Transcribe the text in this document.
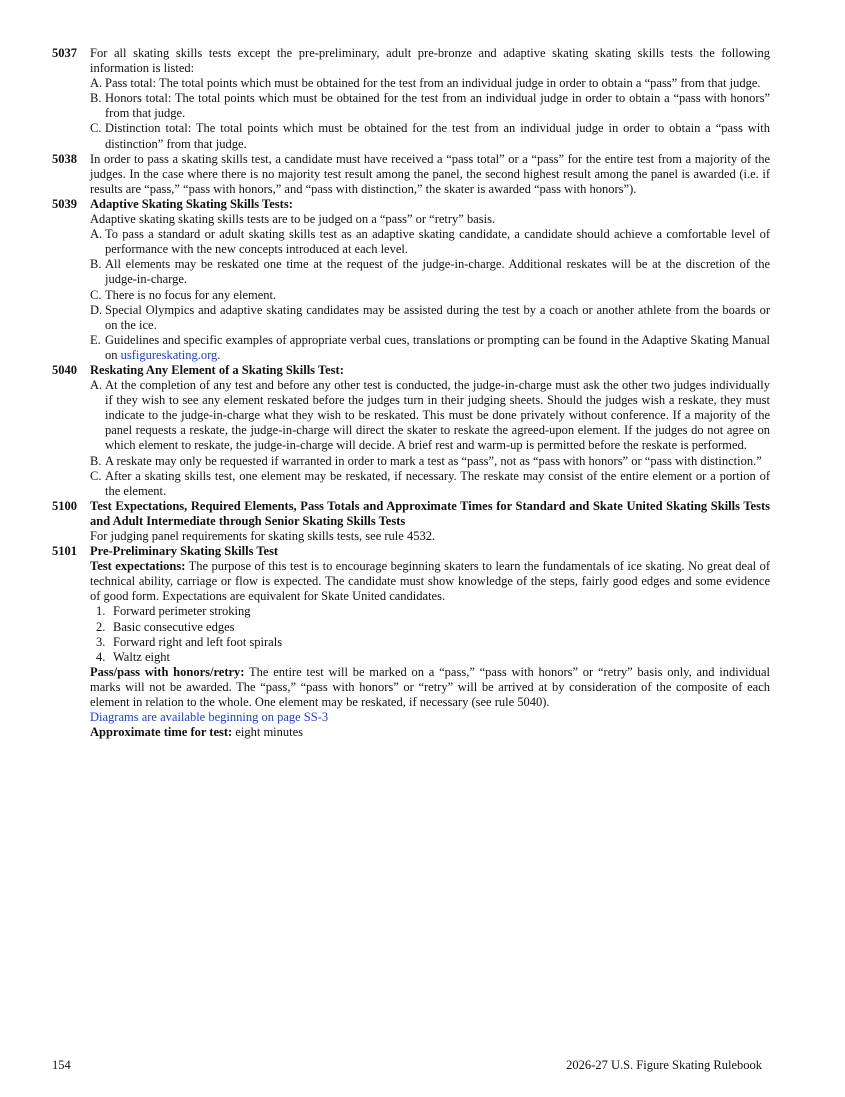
5037	For all skating skills tests except the pre-preliminary, adult pre-bronze and adaptive skating skating skills tests the following information is listed:
A. Pass total: The total points which must be obtained for the test from an individual judge in order to obtain a “pass” from that judge.
B. Honors total: The total points which must be obtained for the test from an individual judge in order to obtain a “pass with honors” from that judge.
C. Distinction total: The total points which must be obtained for the test from an individual judge in order to obtain a “pass with distinction” from that judge.
5038	In order to pass a skating skills test, a candidate must have received a “pass total” or a “pass” for the entire test from a majority of the judges. In the case where there is no majority test result among the panel, the second highest result among the panel is awarded (i.e. if results are “pass,” “pass with honors,” and “pass with distinction,” the skater is awarded “pass with honors”).
5039	Adaptive Skating Skating Skills Tests:
Adaptive skating skating skills tests are to be judged on a “pass” or “retry” basis.
A. To pass a standard or adult skating skills test as an adaptive skating candidate, a candidate should achieve a comfortable level of performance with the new concepts introduced at each level.
B. All elements may be reskated one time at the request of the judge-in-charge. Additional reskates will be at the discretion of the judge-in-charge.
C. There is no focus for any element.
D. Special Olympics and adaptive skating candidates may be assisted during the test by a coach or another athlete from the boards or on the ice.
E. Guidelines and specific examples of appropriate verbal cues, translations or prompting can be found in the Adaptive Skating Manual on usfigureskating.org.
5040	Reskating Any Element of a Skating Skills Test:
A. At the completion of any test and before any other test is conducted, the judge-in-charge must ask the other two judges individually if they wish to see any element reskated before the judges turn in their judging sheets. Should the judges wish a reskate, they must indicate to the judge-in-charge what they wish to be reskated. This must be done privately without conference. If a majority of the panel requests a reskate, the judge-in-charge will direct the skater to reskate the agreed-upon element. If the judges do not agree on which element to reskate, the judge-in-charge will decide. A brief rest and warm-up is permitted before the reskate is performed.
B. A reskate may only be requested if warranted in order to mark a test as “pass”, not as “pass with honors” or “pass with distinction.”
C. After a skating skills test, one element may be reskated, if necessary. The reskate may consist of the entire element or a portion of the element.
5100	Test Expectations, Required Elements, Pass Totals and Approximate Times for Standard and Skate United Skating Skills Tests and Adult Intermediate through Senior Skating Skills Tests
For judging panel requirements for skating skills tests, see rule 4532.
5101	Pre-Preliminary Skating Skills Test
Test expectations: The purpose of this test is to encourage beginning skaters to learn the fundamentals of ice skating. No great deal of technical ability, carriage or flow is expected. The candidate must show knowledge of the steps, fairly good edges and some evidence of good form. Expectations are equivalent for Skate United candidates.
1. Forward perimeter stroking
2. Basic consecutive edges
3. Forward right and left foot spirals
4. Waltz eight
Pass/pass with honors/retry: The entire test will be marked on a “pass,” “pass with honors” or “retry” basis only, and individual marks will not be awarded. The “pass,” “pass with honors” or “retry” will be arrived at by consideration of the composite of each element in relation to the whole. One element may be reskated, if necessary (see rule 5040).
Diagrams are available beginning on page SS-3
Approximate time for test: eight minutes
154	2026-27 U.S. Figure Skating Rulebook
